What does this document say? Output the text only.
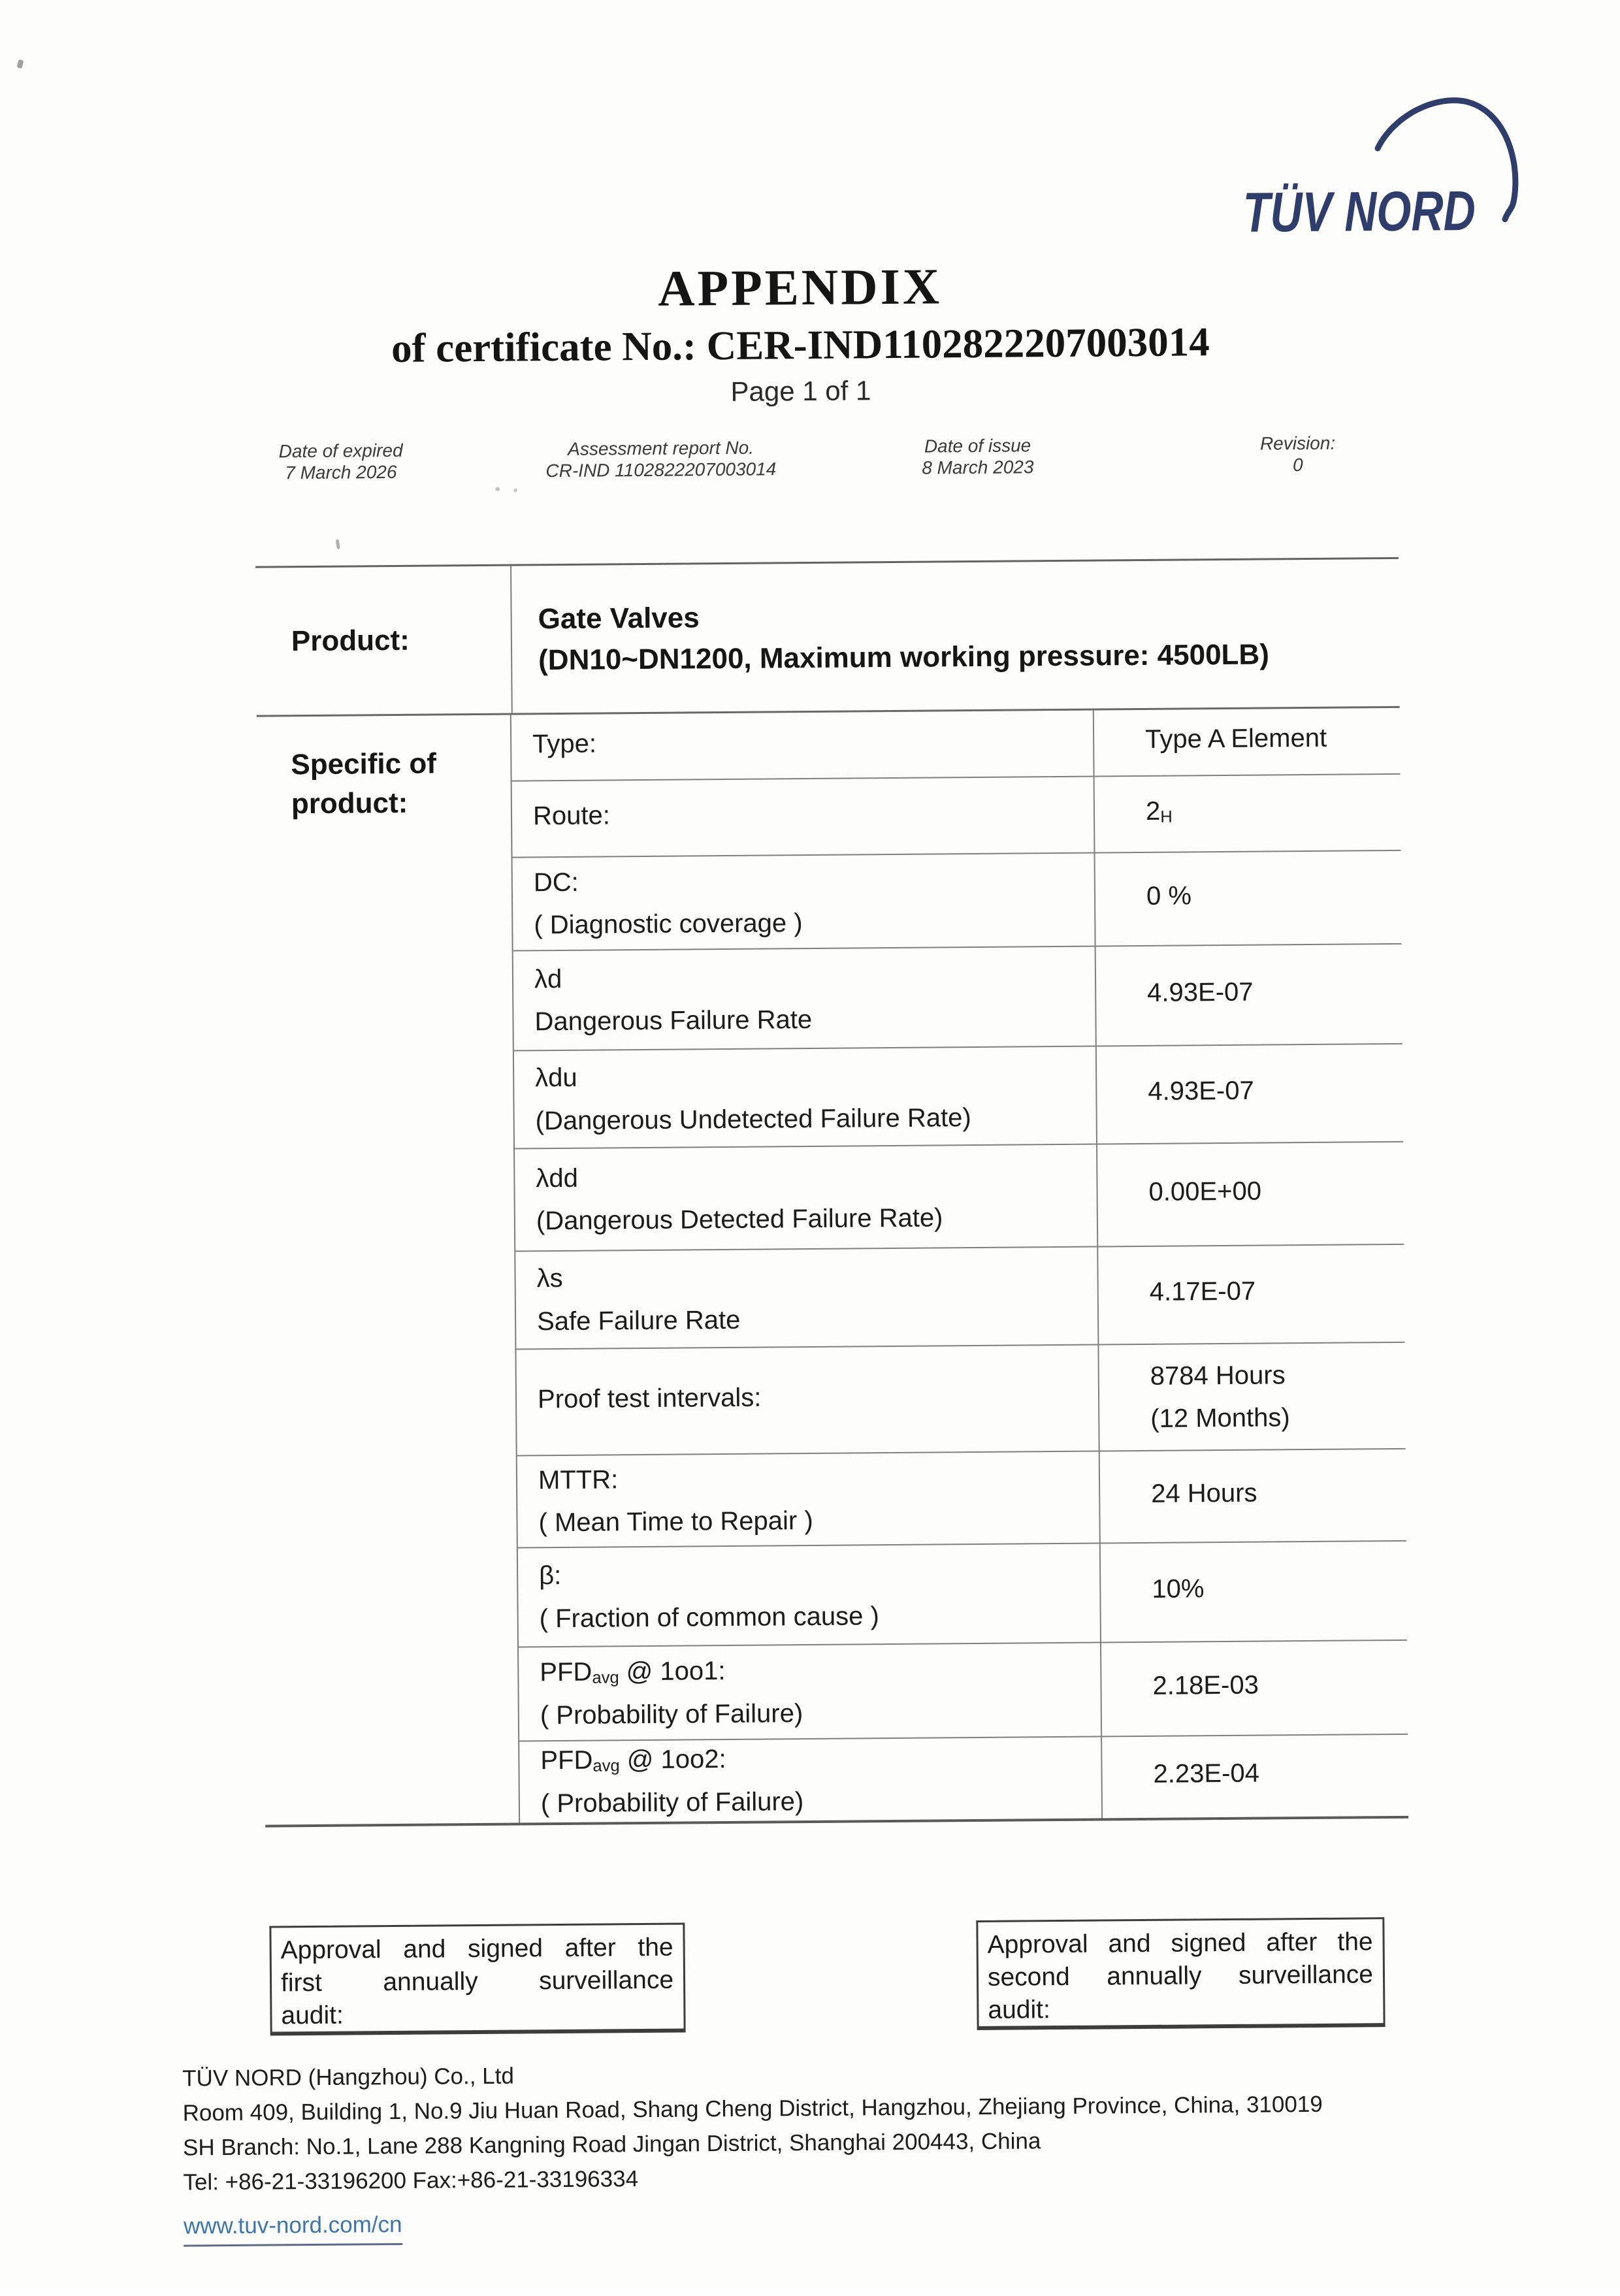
TÜV NORD
APPENDIX
of certificate No.: CER-IND1102822207003014
Page 1 of 1
Date of expired
7 March 2026
Assessment report No.
CR-IND 1102822207003014
Date of issue
8 March 2023
Revision:
0
Product:
Gate Valves
(DN10~DN1200, Maximum working pressure: 4500LB)
Specific of
product:
Type:	Type A Element
Route:	2H
DC:
( Diagnostic coverage )
0 %
λd
Dangerous Failure Rate
4.93E-07
λdu
(Dangerous Undetected Failure Rate)
4.93E-07
λdd
(Dangerous Detected Failure Rate)
0.00E+00
λs
Safe Failure Rate
4.17E-07
Proof test intervals:
8784 Hours
(12 Months)
MTTR:
( Mean Time to Repair )
24 Hours
β:
( Fraction of common cause )
10%
PFDavg @ 1oo1:
( Probability of Failure)
2.18E-03
PFDavg @ 1oo2:
( Probability of Failure)
2.23E-04
Approval and signed after the
first annually surveillance
audit:
Approval and signed after the
second annually surveillance
audit:
TÜV NORD (Hangzhou) Co., Ltd
Room 409, Building 1, No.9 Jiu Huan Road, Shang Cheng District, Hangzhou, Zhejiang Province, China, 310019
SH Branch: No.1, Lane 288 Kangning Road Jingan District, Shanghai 200443, China
Tel: +86-21-33196200 Fax:+86-21-33196334
www.tuv-nord.com/cn
